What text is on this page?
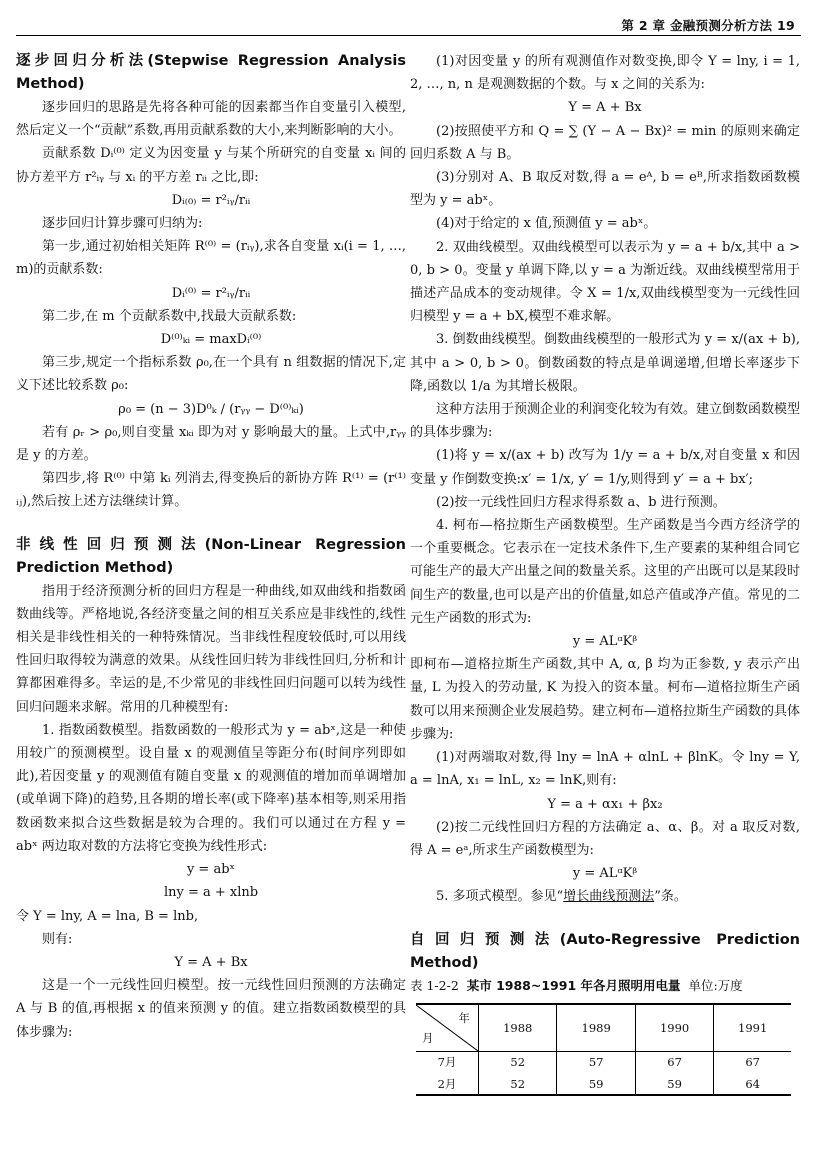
第 2 章 金融预测分析方法 19

逐步回归分析法(Stepwise Regression Analysis Method)

逐步回归的思路是先将各种可能的因素都当作自变量引入模型,然后定义一个“贡献”系数,再用贡献系数的大小,来判断影响的大小。

贡献系数 Dᵢ⁽⁰⁾ 定义为因变量 y 与某个所研究的自变量 xᵢ 间的协方差平方 r²ᵢᵧ 与 xᵢ 的平方差 rᵢᵢ 之比,即:

Dᵢ₍₀₎ = r²ᵢᵧ/rᵢᵢ

逐步回归计算步骤可归纳为:

第一步,通过初始相关矩阵 R⁽⁰⁾ = (rᵢᵧ),求各自变量 xᵢ(i = 1, …, m)的贡献系数:

Dᵢ⁽⁰⁾ = r²ᵢᵧ/rᵢᵢ

第二步,在 m 个贡献系数中,找最大贡献系数:

D⁽⁰⁾ₖᵢ = maxDᵢ⁽⁰⁾

第三步,规定一个指标系数 ρ₀,在一个具有 n 组数据的情况下,定义下述比较系数 ρ₀:

ρ₀ = (n − 3)D⁰ₖ / (rᵧᵧ − D⁽⁰⁾ₖᵢ)

若有 ρᵣ > ρ₀,则自变量 xₖᵢ 即为对 y 影响最大的量。上式中,rᵧᵧ 是 y 的方差。

第四步,将 R⁽⁰⁾ 中第 kᵢ 列消去,得变换后的新协方阵 R⁽¹⁾ = (r⁽¹⁾ᵢⱼ),然后按上述方法继续计算。

非线性回归预测法(Non-Linear Regression Prediction Method)

指用于经济预测分析的回归方程是一种曲线,如双曲线和指数函数曲线等。严格地说,各经济变量之间的相互关系应是非线性的,线性相关是非线性相关的一种特殊情况。当非线性程度较低时,可以用线性回归取得较为满意的效果。从线性回归转为非线性回归,分析和计算都困难得多。幸运的是,不少常见的非线性回归问题可以转为线性回归问题来求解。常用的几种模型有:

1. 指数函数模型。指数函数的一般形式为 y = abˣ,这是一种使用较广的预测模型。设自量 x 的观测值呈等距分布(时间序列即如此),若因变量 y 的观测值有随自变量 x 的观测值的增加而单调增加(或单调下降)的趋势,且各期的增长率(或下降率)基本相等,则采用指数函数来拟合这些数据是较为合理的。我们可以通过在方程 y = abˣ 两边取对数的方法将它变换为线性形式:

y = abˣ

lny = a + xlnb

令 Y = lny, A = lna, B = lnb,

则有:

Y = A + Bx

这是一个一元线性回归模型。按一元线性回归预测的方法确定 A 与 B 的值,再根据 x 的值来预测 y 的值。建立指数函数模型的具体步骤为:

(1)对因变量 y 的所有观测值作对数变换,即令 Y = lny, i = 1, 2, …, n, n 是观测数据的个数。与 x 之间的关系为:

Y = A + Bx

(2)按照使平方和 Q = ∑ (Y − A − Bx)² = min 的原则来确定回归系数 A 与 B。

(3)分别对 A、B 取反对数,得 a = eᴬ, b = eᴮ,所求指数函数模型为 y = abˣ。

(4)对于给定的 x 值,预测值 y = abˣ。

2. 双曲线模型。双曲线模型可以表示为 y = a + b/x,其中 a > 0, b > 0。变量 y 单调下降,以 y = a 为渐近线。双曲线模型常用于描述产品成本的变动规律。令 X = 1/x,双曲线模型变为一元线性回归模型 y = a + bX,模型不难求解。

3. 倒数曲线模型。倒数曲线模型的一般形式为 y = x/(ax + b),其中 a > 0, b > 0。倒数函数的特点是单调递增,但增长率逐步下降,函数以 1/a 为其增长极限。

这种方法用于预测企业的利润变化较为有效。建立倒数函数模型的具体步骤为:

(1)将 y = x/(ax + b) 改写为 1/y = a + b/x,对自变量 x 和因变量 y 作倒数变换:x′ = 1/x, y′ = 1/y,则得到 y′ = a + bx′;

(2)按一元线性回归方程求得系数 a、b 进行预测。

4. 柯布—格拉斯生产函数模型。生产函数是当今西方经济学的一个重要概念。它表示在一定技术条件下,生产要素的某种组合同它可能生产的最大产出量之间的数量关系。这里的产出既可以是某段时间生产的数量,也可以是产出的价值量,如总产值或净产值。常见的二元生产函数的形式为:

y = ALᵅKᵝ

即柯布—道格拉斯生产函数,其中 A, α, β 均为正参数, y 表示产出量, L 为投入的劳动量, K 为投入的资本量。柯布—道格拉斯生产函数可以用来预测企业发展趋势。建立柯布—道格拉斯生产函数的具体步骤为:

(1)对两端取对数,得 lny = lnA + αlnL + βlnK。令 lny = Y, a = lnA, x₁ = lnL, x₂ = lnK,则有:

Y = a + αx₁ + βx₂

(2)按二元线性回归方程的方法确定 a、α、β。对 a 取反对数,得 A = eᵃ,所求生产函数模型为:

y = ALᵅKᵝ

5. 多项式模型。参见“增长曲线预测法”条。

自回归预测法(Auto-Regressive Prediction Method)

表 1-2-2 某市 1988~1991 年各月照明用电量 单位:万度

年
月	1988	1989	1990	1991
7月	52	57	67	67
2月	52	59	59	64
